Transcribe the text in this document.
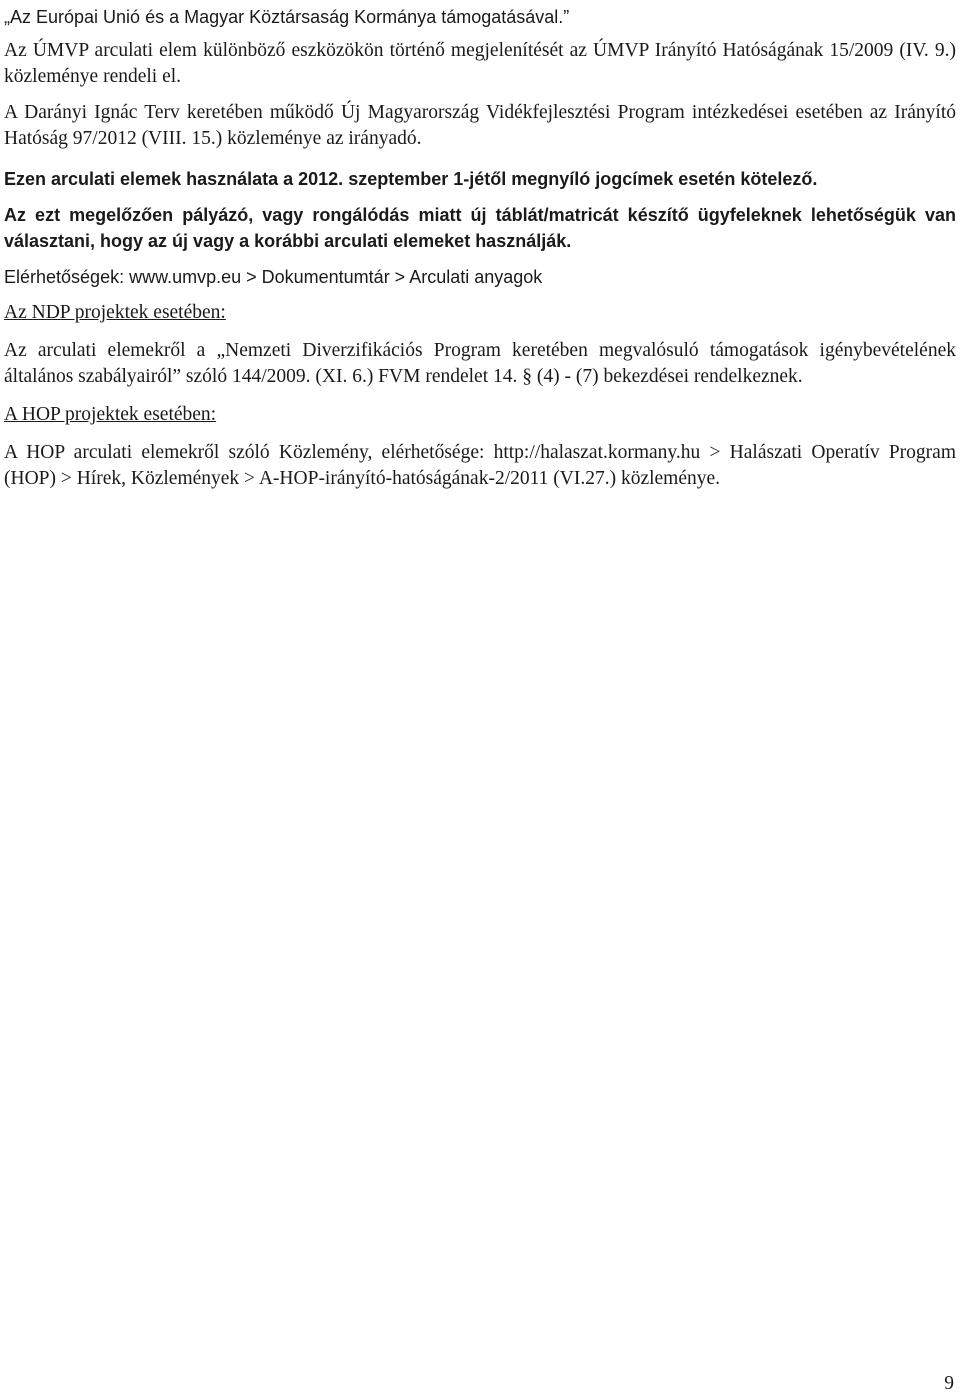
„Az Európai Unió és a Magyar Köztársaság Kormánya támogatásával.”

Az ÚMVP arculati elem különböző eszközökön történő megjelenítését az ÚMVP Irányító Hatóságának 15/2009 (IV. 9.) közleménye rendeli el.

A Darányi Ignác Terv keretében működő Új Magyarország Vidékfejlesztési Program intézkedései esetében az Irányító Hatóság 97/2012 (VIII. 15.) közleménye az irányadó.

Ezen arculati elemek használata a 2012. szeptember 1-jétől megnyíló jogcímek esetén kötelező.

Az ezt megelőzően pályázó, vagy rongálódás miatt új táblát/matricát készítő ügyfeleknek lehetőségük van választani, hogy az új vagy a korábbi arculati elemeket használják.

Elérhetőségek: www.umvp.eu > Dokumentumtár > Arculati anyagok

Az NDP projektek esetében:

Az arculati elemekről a „Nemzeti Diverzifikációs Program keretében megvalósuló támogatások igénybevételének általános szabályairól” szóló 144/2009. (XI. 6.) FVM rendelet 14. § (4) - (7) bekezdései rendelkeznek.

A HOP projektek esetében:

A HOP arculati elemekről szóló Közlemény, elérhetősége: http://halaszat.kormany.hu > Halászati Operatív Program (HOP) > Hírek, Közlemények > A-HOP-irányító-hatóságának-2/2011 (VI.27.) közleménye.

9
